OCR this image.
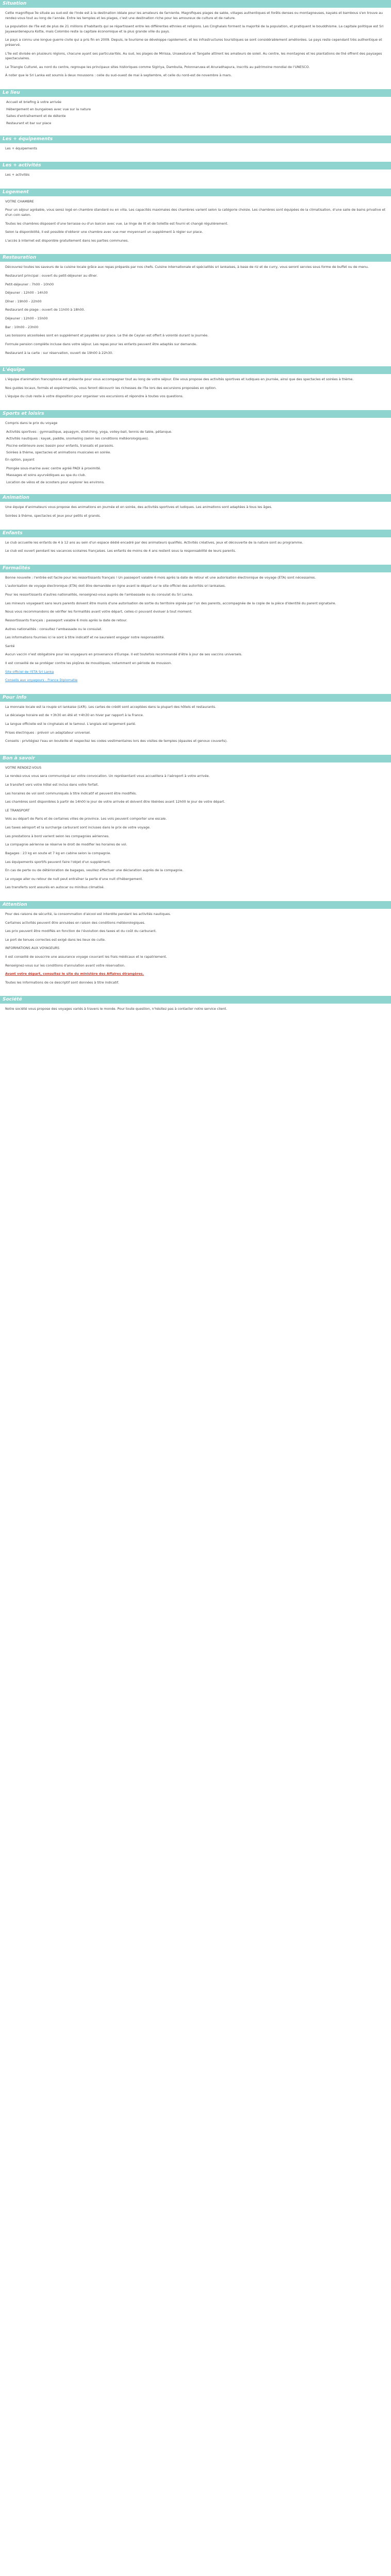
Situation

Cette magnifique île située au sud-est de l'Inde est à la destination idéale pour les amateurs de farniente. Magnifiques plages de sable, villages authentiques et forêts denses ou montagneuses, kayaks et bambous s'en trouve au rendez-vous tout au long de l'année. Entre les temples et les plages, c'est une destination riche pour les amoureux de culture et de nature.

La population de l'île est de plus de 21 millions d'habitants qui se répartissent entre les différentes ethnies et religions. Les Cinghalais forment la majorité de la population, et pratiquent le bouddhisme. La capitale politique est Sri Jayawardenepura Kotte, mais Colombo reste la capitale économique et la plus grande ville du pays.

Le pays a connu une longue guerre civile qui a pris fin en 2009. Depuis, le tourisme se développe rapidement, et les infrastructures touristiques se sont considérablement améliorées. Le pays reste cependant très authentique et préservé.

L'île est divisée en plusieurs régions, chacune ayant ses particularités. Au sud, les plages de Mirissa, Unawatuna et Tangalle attirent les amateurs de soleil. Au centre, les montagnes et les plantations de thé offrent des paysages spectaculaires.

Le Triangle Culturel, au nord du centre, regroupe les principaux sites historiques comme Sigiriya, Dambulla, Polonnaruwa et Anuradhapura, inscrits au patrimoine mondial de l'UNESCO.

À noter que le Sri Lanka est soumis à deux moussons : celle du sud-ouest de mai à septembre, et celle du nord-est de novembre à mars.

Le lieu
Accueil et briefing à votre arrivée
Hébergement en bungalows avec vue sur la nature
Salles d'entraînement et de détente
Restaurant et bar sur place
Les + équipements

Les + équipements

Les + activités

Les + activités

Logement

VOTRE CHAMBRE

Pour un séjour agréable, vous serez logé en chambre standard ou en villa. Les capacités maximales des chambres varient selon la catégorie choisie. Les chambres sont équipées de la climatisation, d'une salle de bains privative et d'un coin salon.

Toutes les chambres disposent d'une terrasse ou d'un balcon avec vue. Le linge de lit et de toilette est fourni et changé régulièrement.

Selon la disponibilité, il est possible d'obtenir une chambre avec vue mer moyennant un supplément à régler sur place.

L'accès à internet est disponible gratuitement dans les parties communes.

Restauration

Découvrez toutes les saveurs de la cuisine locale grâce aux repas préparés par nos chefs. Cuisine internationale et spécialités sri lankaises, à base de riz et de curry, vous seront servies sous forme de buffet ou de menu.

Restaurant principal : ouvert du petit-déjeuner au dîner.

Petit-déjeuner : 7h00 - 10h00

Déjeuner : 12h00 - 14h30

Dîner : 19h00 - 22h00

Restaurant de plage : ouvert de 11h00 à 18h00.

Déjeuner : 12h00 - 15h00

Bar : 10h00 - 23h00

Les boissons alcoolisées sont en supplément et payables sur place. Le thé de Ceylan est offert à volonté durant la journée.

Formule pension complète incluse dans votre séjour. Les repas pour les enfants peuvent être adaptés sur demande.

Restaurant à la carte : sur réservation, ouvert de 19h00 à 22h30.

L'équipe

L'équipe d'animation francophone est présente pour vous accompagner tout au long de votre séjour. Elle vous propose des activités sportives et ludiques en journée, ainsi que des spectacles et soirées à thème.

Nos guides locaux, formés et expérimentés, vous feront découvrir les richesses de l'île lors des excursions proposées en option.

L'équipe du club reste à votre disposition pour organiser vos excursions et répondre à toutes vos questions.

Sports et loisirs

Compris dans le prix du voyage

Activités sportives : gymnastique, aquagym, stretching, yoga, volley-ball, tennis de table, pétanque.
Activités nautiques : kayak, paddle, snorkeling (selon les conditions météorologiques).
Piscine extérieure avec bassin pour enfants, transats et parasols.
Soirées à thème, spectacles et animations musicales en soirée.

En option, payant

Plongée sous-marine avec centre agréé PADI à proximité.
Massages et soins ayurvédiques au spa du club.
Location de vélos et de scooters pour explorer les environs.
Animation

Une équipe d'animateurs vous propose des animations en journée et en soirée, des activités sportives et ludiques. Les animations sont adaptées à tous les âges.

Soirées à thème, spectacles et jeux pour petits et grands.

Enfants

Le club accueille les enfants de 4 à 12 ans au sein d'un espace dédié encadré par des animateurs qualifiés. Activités créatives, jeux et découverte de la nature sont au programme.

Le club est ouvert pendant les vacances scolaires françaises. Les enfants de moins de 4 ans restent sous la responsabilité de leurs parents.

Formalités

Bonne nouvelle : l'entrée est facile pour les ressortissants français ! Un passeport valable 6 mois après la date de retour et une autorisation électronique de voyage (ETA) sont nécessaires.

L'autorisation de voyage électronique (ETA) doit être demandée en ligne avant le départ sur le site officiel des autorités sri lankaises.

Pour les ressortissants d'autres nationalités, renseignez-vous auprès de l'ambassade ou du consulat du Sri Lanka.

Les mineurs voyageant sans leurs parents doivent être munis d'une autorisation de sortie du territoire signée par l'un des parents, accompagnée de la copie de la pièce d'identité du parent signataire.

Nous vous recommandons de vérifier les formalités avant votre départ, celles-ci pouvant évoluer à tout moment.

Ressortissants français : passeport valable 6 mois après la date de retour.

Autres nationalités : consultez l'ambassade ou le consulat.

Les informations fournies ici le sont à titre indicatif et ne sauraient engager notre responsabilité.

Santé

Aucun vaccin n'est obligatoire pour les voyageurs en provenance d'Europe. Il est toutefois recommandé d'être à jour de ses vaccins universels.

Il est conseillé de se protéger contre les piqûres de moustiques, notamment en période de mousson.

Site officiel de l'ETA Sri Lanka

Conseils aux voyageurs - France Diplomatie

Pour info

La monnaie locale est la roupie sri lankaise (LKR). Les cartes de crédit sont acceptées dans la plupart des hôtels et restaurants.

Le décalage horaire est de +3h30 en été et +4h30 en hiver par rapport à la France.

La langue officielle est le cinghalais et le tamoul. L'anglais est largement parlé.

Prises électriques : prévoir un adaptateur universel.

Conseils : privilégiez l'eau en bouteille et respectez les codes vestimentaires lors des visites de temples (épaules et genoux couverts).

Bon à savoir

VOTRE RENDEZ-VOUS

Le rendez-vous vous sera communiqué sur votre convocation. Un représentant vous accueillera à l'aéroport à votre arrivée.

Le transfert vers votre hôtel est inclus dans votre forfait.

Les horaires de vol sont communiqués à titre indicatif et peuvent être modifiés.

Les chambres sont disponibles à partir de 14h00 le jour de votre arrivée et doivent être libérées avant 12h00 le jour de votre départ.

LE TRANSPORT

Vols au départ de Paris et de certaines villes de province. Les vols peuvent comporter une escale.

Les taxes aéroport et la surcharge carburant sont incluses dans le prix de votre voyage.

Les prestations à bord varient selon les compagnies aériennes.

La compagnie aérienne se réserve le droit de modifier les horaires de vol.

Bagages : 23 kg en soute et 7 kg en cabine selon la compagnie.

Les équipements sportifs peuvent faire l'objet d'un supplément.

En cas de perte ou de détérioration de bagages, veuillez effectuer une déclaration auprès de la compagnie.

Le voyage aller ou retour de nuit peut entraîner la perte d'une nuit d'hébergement.

Les transferts sont assurés en autocar ou minibus climatisé.

Attention

Pour des raisons de sécurité, la consommation d'alcool est interdite pendant les activités nautiques.

Certaines activités peuvent être annulées en raison des conditions météorologiques.

Les prix peuvent être modifiés en fonction de l'évolution des taxes et du coût du carburant.

Le port de tenues correctes est exigé dans les lieux de culte.

INFORMATIONS AUX VOYAGEURS

Il est conseillé de souscrire une assurance voyage couvrant les frais médicaux et le rapatriement.

Renseignez-vous sur les conditions d'annulation avant votre réservation.

Avant votre départ, consultez le site du ministère des Affaires étrangères.

Toutes les informations de ce descriptif sont données à titre indicatif.

Société

Notre société vous propose des voyages variés à travers le monde. Pour toute question, n'hésitez pas à contacter notre service client.
